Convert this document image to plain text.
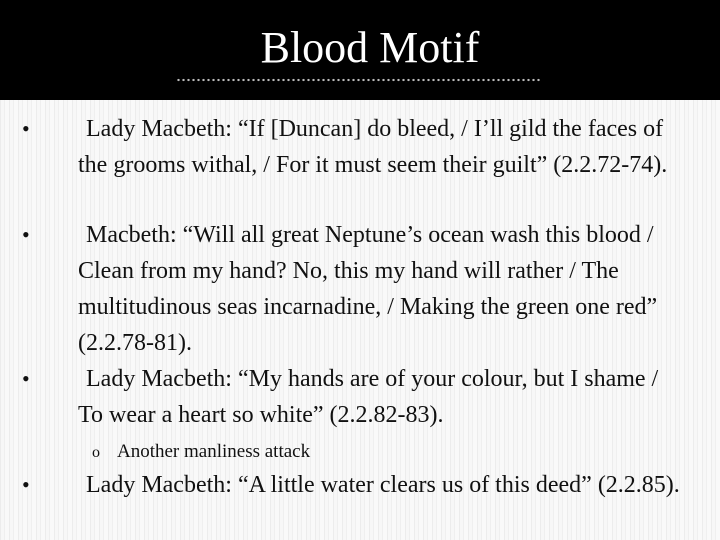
Blood Motif
• Lady Macbeth: “If [Duncan] do bleed, / I’ll gild the faces of the grooms withal, / For it must seem their guilt” (2.2.72-74).
• Macbeth: “Will all great Neptune’s ocean wash this blood / Clean from my hand? No, this my hand will rather / The multitudinous seas incarnadine, / Making the green one red” (2.2.78-81).
• Lady Macbeth: “My hands are of your colour, but I shame / To wear a heart so white” (2.2.82-83).
o Another manliness attack
• Lady Macbeth: “A little water clears us of this deed” (2.2.85).
